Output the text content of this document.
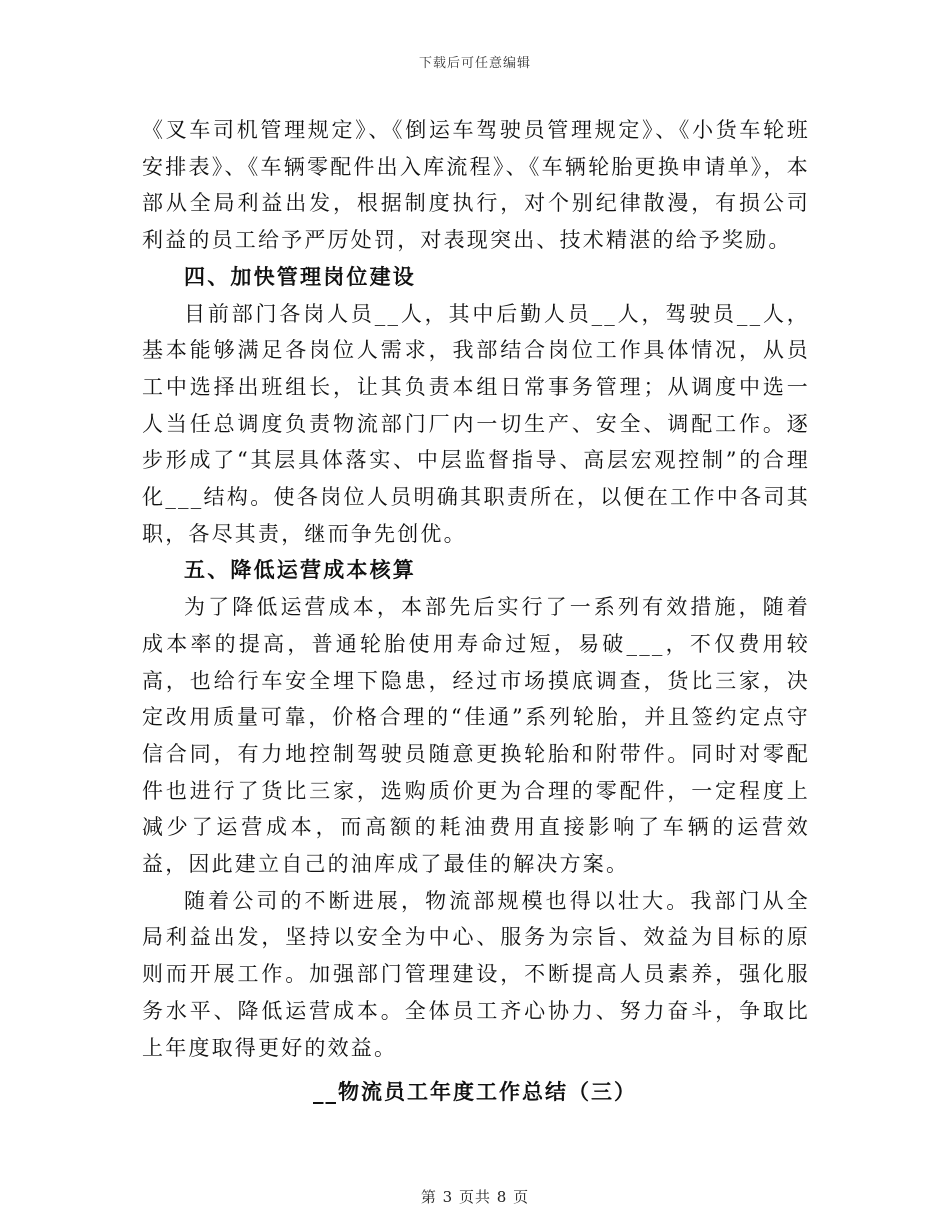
下载后可任意编辑

《叉车司机管理规定》、《倒运车驾驶员管理规定》、《小货车轮班安排表》、《车辆零配件出入库流程》、《车辆轮胎更换申请单》，本部从全局利益出发，根据制度执行，对个别纪律散漫，有损公司利益的员工给予严厉处罚，对表现突出、技术精湛的给予奖励。

四、加快管理岗位建设

目前部门各岗人员__人，其中后勤人员__人，驾驶员__人，基本能够满足各岗位人需求，我部结合岗位工作具体情况，从员工中选择出班组长，让其负责本组日常事务管理；从调度中选一人当任总调度负责物流部门厂内一切生产、安全、调配工作。逐步形成了“其层具体落实、中层监督指导、高层宏观控制”的合理化___结构。使各岗位人员明确其职责所在，以便在工作中各司其职，各尽其责，继而争先创优。

五、降低运营成本核算

为了降低运营成本，本部先后实行了一系列有效措施，随着成本率的提高，普通轮胎使用寿命过短，易破___，不仅费用较高，也给行车安全埋下隐患，经过市场摸底调查，货比三家，决定改用质量可靠，价格合理的“佳通”系列轮胎，并且签约定点守信合同，有力地控制驾驶员随意更换轮胎和附带件。同时对零配件也进行了货比三家，选购质价更为合理的零配件，一定程度上减少了运营成本，而高额的耗油费用直接影响了车辆的运营效益，因此建立自己的油库成了最佳的解决方案。

随着公司的不断进展，物流部规模也得以壮大。我部门从全局利益出发，坚持以安全为中心、服务为宗旨、效益为目标的原则而开展工作。加强部门管理建设，不断提高人员素养，强化服务水平、降低运营成本。全体员工齐心协力、努力奋斗，争取比上年度取得更好的效益。

__物流员工年度工作总结（三）
第 3 页共 8 页
